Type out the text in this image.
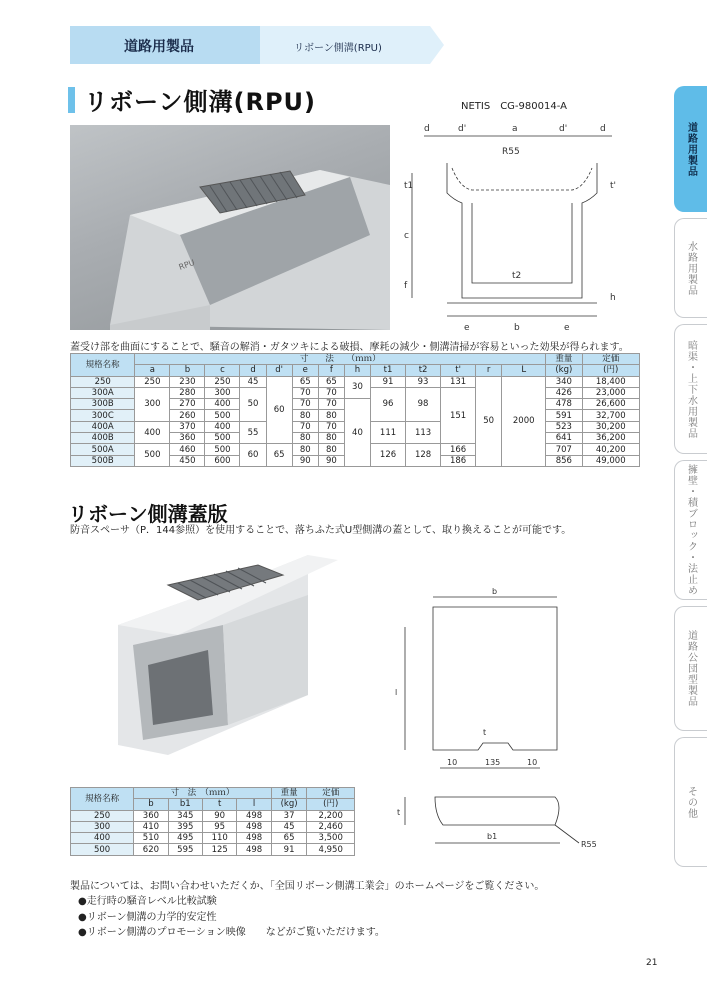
道路用製品	リボーン側溝(RPU)
リボーン側溝(RPU)	NETIS　CG-980014-A
RPU
d	d'	a	d'	d
R55
t1
c
f
t'
h
e	b	e
t2
蓋受け部を曲面にすることで、騒音の解消・ガタツキによる破損、摩耗の減少・側溝清掃が容易といった効果が得られます。
規格名称	寸　　法　　（ｍｍ）													重量	定価
	a	b	c	d	d'	e	f	h	t1	t2	t'	r	L	(kg)	(円)
250	250	230	250	45	60	65	65	30	91	93	131	50	2000	340	18,400
300A	300	280	300	50		70	70		96	98	151			426	23,000
300B		270	400			70	70	40						478	26,600
300C		260	500			80	80							591	32,700
400A	400	370	400	55		70	70		111	113				523	30,200
400B		360	500			80	80							641	36,200
500A	500	460	500	60	65	80	80		126	128	166			707	40,200
500B		450	600			90	90				186			856	49,000
リボーン側溝蓋版
防音スペーサ（P．144参照）を使用することで、落ちふた式U型側溝の蓋として、取り換えることが可能です。
b
l
t
10	135	10
t
b1
R55
規格名称	寸　法　（ｍｍ）				重量	定価
	b	b1	t	l	(kg)	(円)
250	360	345	90	498	37	2,200
300	410	395	95	498	45	2,460
400	510	495	110	498	65	3,500
500	620	595	125	498	91	4,950
製品については、お問い合わせいただくか、「全国リボーン側溝工業会」のホームページをご覧ください。
●走行時の騒音レベル比較試験
●リボーン側溝の力学的安定性
●リボーン側溝のプロモーション映像　　などがご覧いただけます。
21
道路用製品
水路用製品
暗渠・上下水用製品
擁壁・積ブロック・法止め
道路公団型製品
その他
